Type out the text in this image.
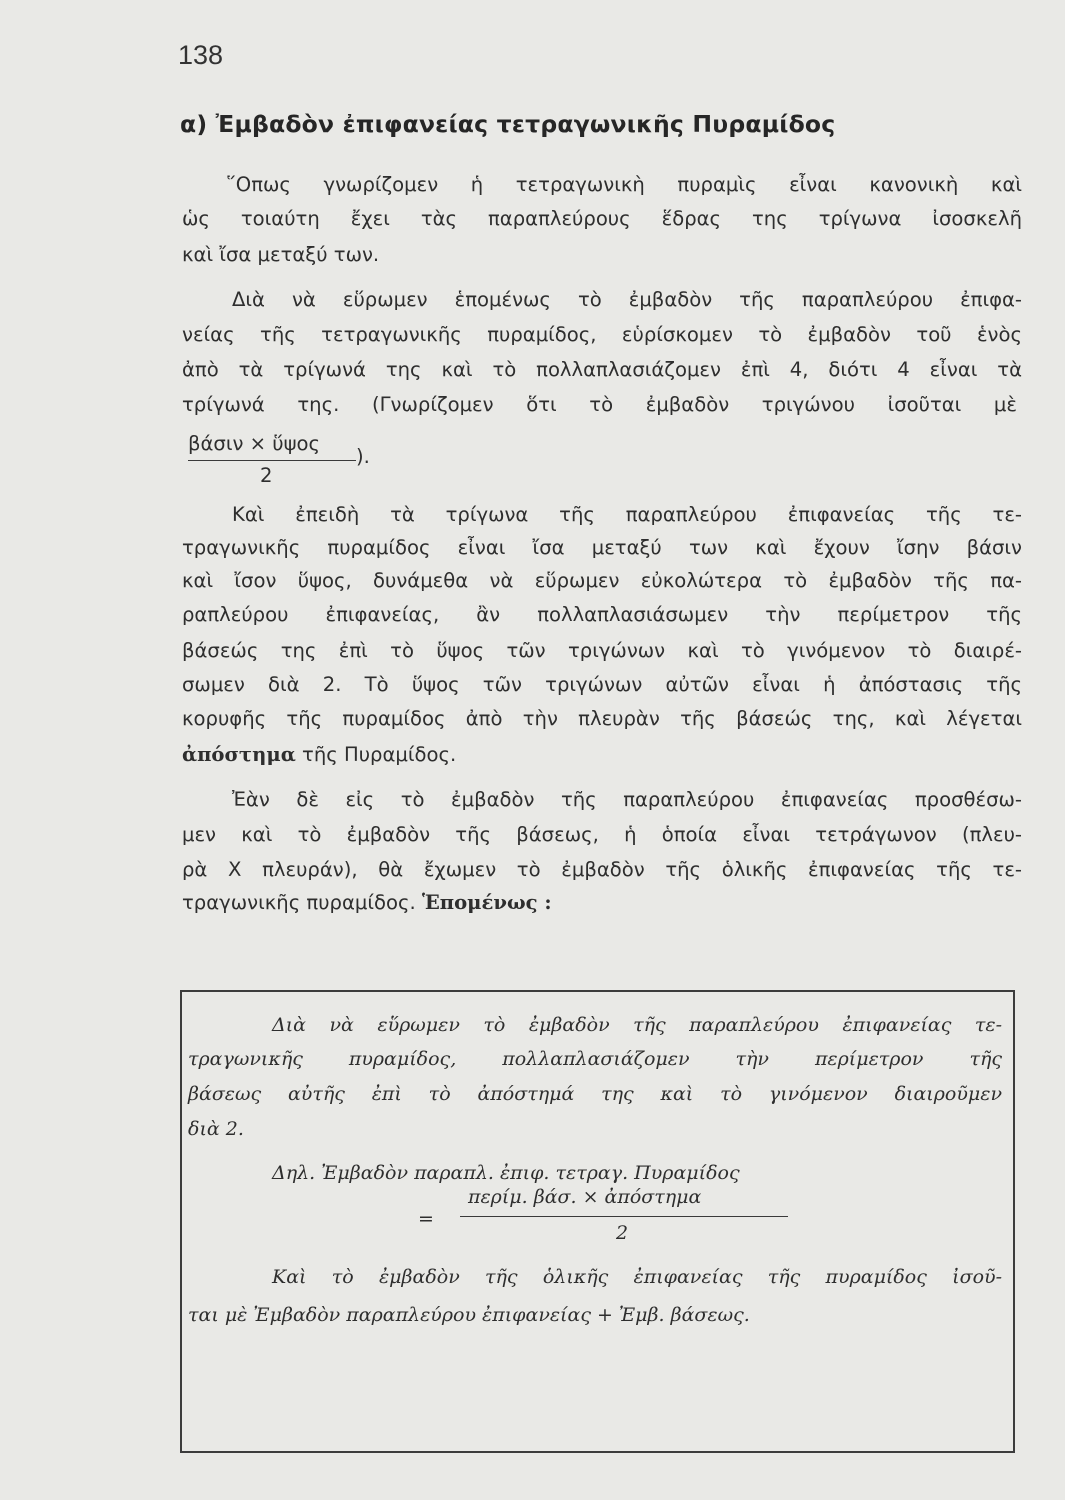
138
α) Ἐμβαδὸν ἐπιφανείας τετραγωνικῆς Πυραμίδος
῞Οπως γνωρίζομεν ἡ τετραγωνικὴ πυραμὶς εἶναι κανονικὴ καὶ
ὡς τοιαύτη ἔχει τὰς παραπλεύρους ἕδρας της τρίγωνα ἰσοσκελῆ
καὶ ἴσα μεταξύ των.
Διὰ νὰ εὕρωμεν ἑπομένως τὸ ἐμβαδὸν τῆς παραπλεύρου ἐπιφα-
νείας τῆς τετραγωνικῆς πυραμίδος, εὑρίσκομεν τὸ ἐμβαδὸν τοῦ ἑνὸς
ἀπὸ τὰ τρίγωνά της καὶ τὸ πολλαπλασιάζομεν ἐπὶ 4, διότι 4 εἶναι τὰ
τρίγωνά της. (Γνωρίζομεν ὅτι τὸ ἐμβαδὸν τριγώνου ἰσοῦται μὲ
βάσιν × ὕψος
2
).
Καὶ ἐπειδὴ τὰ τρίγωνα τῆς παραπλεύρου ἐπιφανείας τῆς τε-
τραγωνικῆς πυραμίδος εἶναι ἴσα μεταξύ των καὶ ἔχουν ἴσην βάσιν
καὶ ἴσον ὕψος, δυνάμεθα νὰ εὕρωμεν εὐκολώτερα τὸ ἐμβαδὸν τῆς πα-
ραπλεύρου ἐπιφανείας, ἂν πολλαπλασιάσωμεν τὴν περίμετρον τῆς
βάσεώς της ἐπὶ τὸ ὕψος τῶν τριγώνων καὶ τὸ γινόμενον τὸ διαιρέ-
σωμεν διὰ 2. Τὸ ὕψος τῶν τριγώνων αὐτῶν εἶναι ἡ ἀπόστασις τῆς
κορυφῆς τῆς πυραμίδος ἀπὸ τὴν πλευρὰν τῆς βάσεώς της, καὶ λέγεται
ἀπόστημα τῆς Πυραμίδος.
Ἐὰν δὲ εἰς τὸ ἐμβαδὸν τῆς παραπλεύρου ἐπιφανείας προσθέσω-
μεν καὶ τὸ ἐμβαδὸν τῆς βάσεως, ἡ ὁποία εἶναι τετράγωνον (πλευ-
ρὰ Χ πλευράν), θὰ ἔχωμεν τὸ ἐμβαδὸν τῆς ὁλικῆς ἐπιφανείας τῆς τε-
τραγωνικῆς πυραμίδος. Ἑπομένως :
Διὰ νὰ εὕρωμεν τὸ ἐμβαδὸν τῆς παραπλεύρου ἐπιφανείας τε-
τραγωνικῆς πυραμίδος, πολλαπλασιάζομεν τὴν περίμετρον τῆς
βάσεως αὐτῆς ἐπὶ τὸ ἀπόστημά της καὶ τὸ γινόμενον διαιροῦμεν
διὰ 2.
Δηλ. Ἐμβαδὸν παραπλ. ἐπιφ. τετραγ. Πυραμίδος
=
περίμ. βάσ. × ἀπόστημα
2
Καὶ τὸ ἐμβαδὸν τῆς ὁλικῆς ἐπιφανείας τῆς πυραμίδος ἰσοῦ-
ται μὲ Ἐμβαδὸν παραπλεύρου ἐπιφανείας + Ἐμβ. βάσεως.
